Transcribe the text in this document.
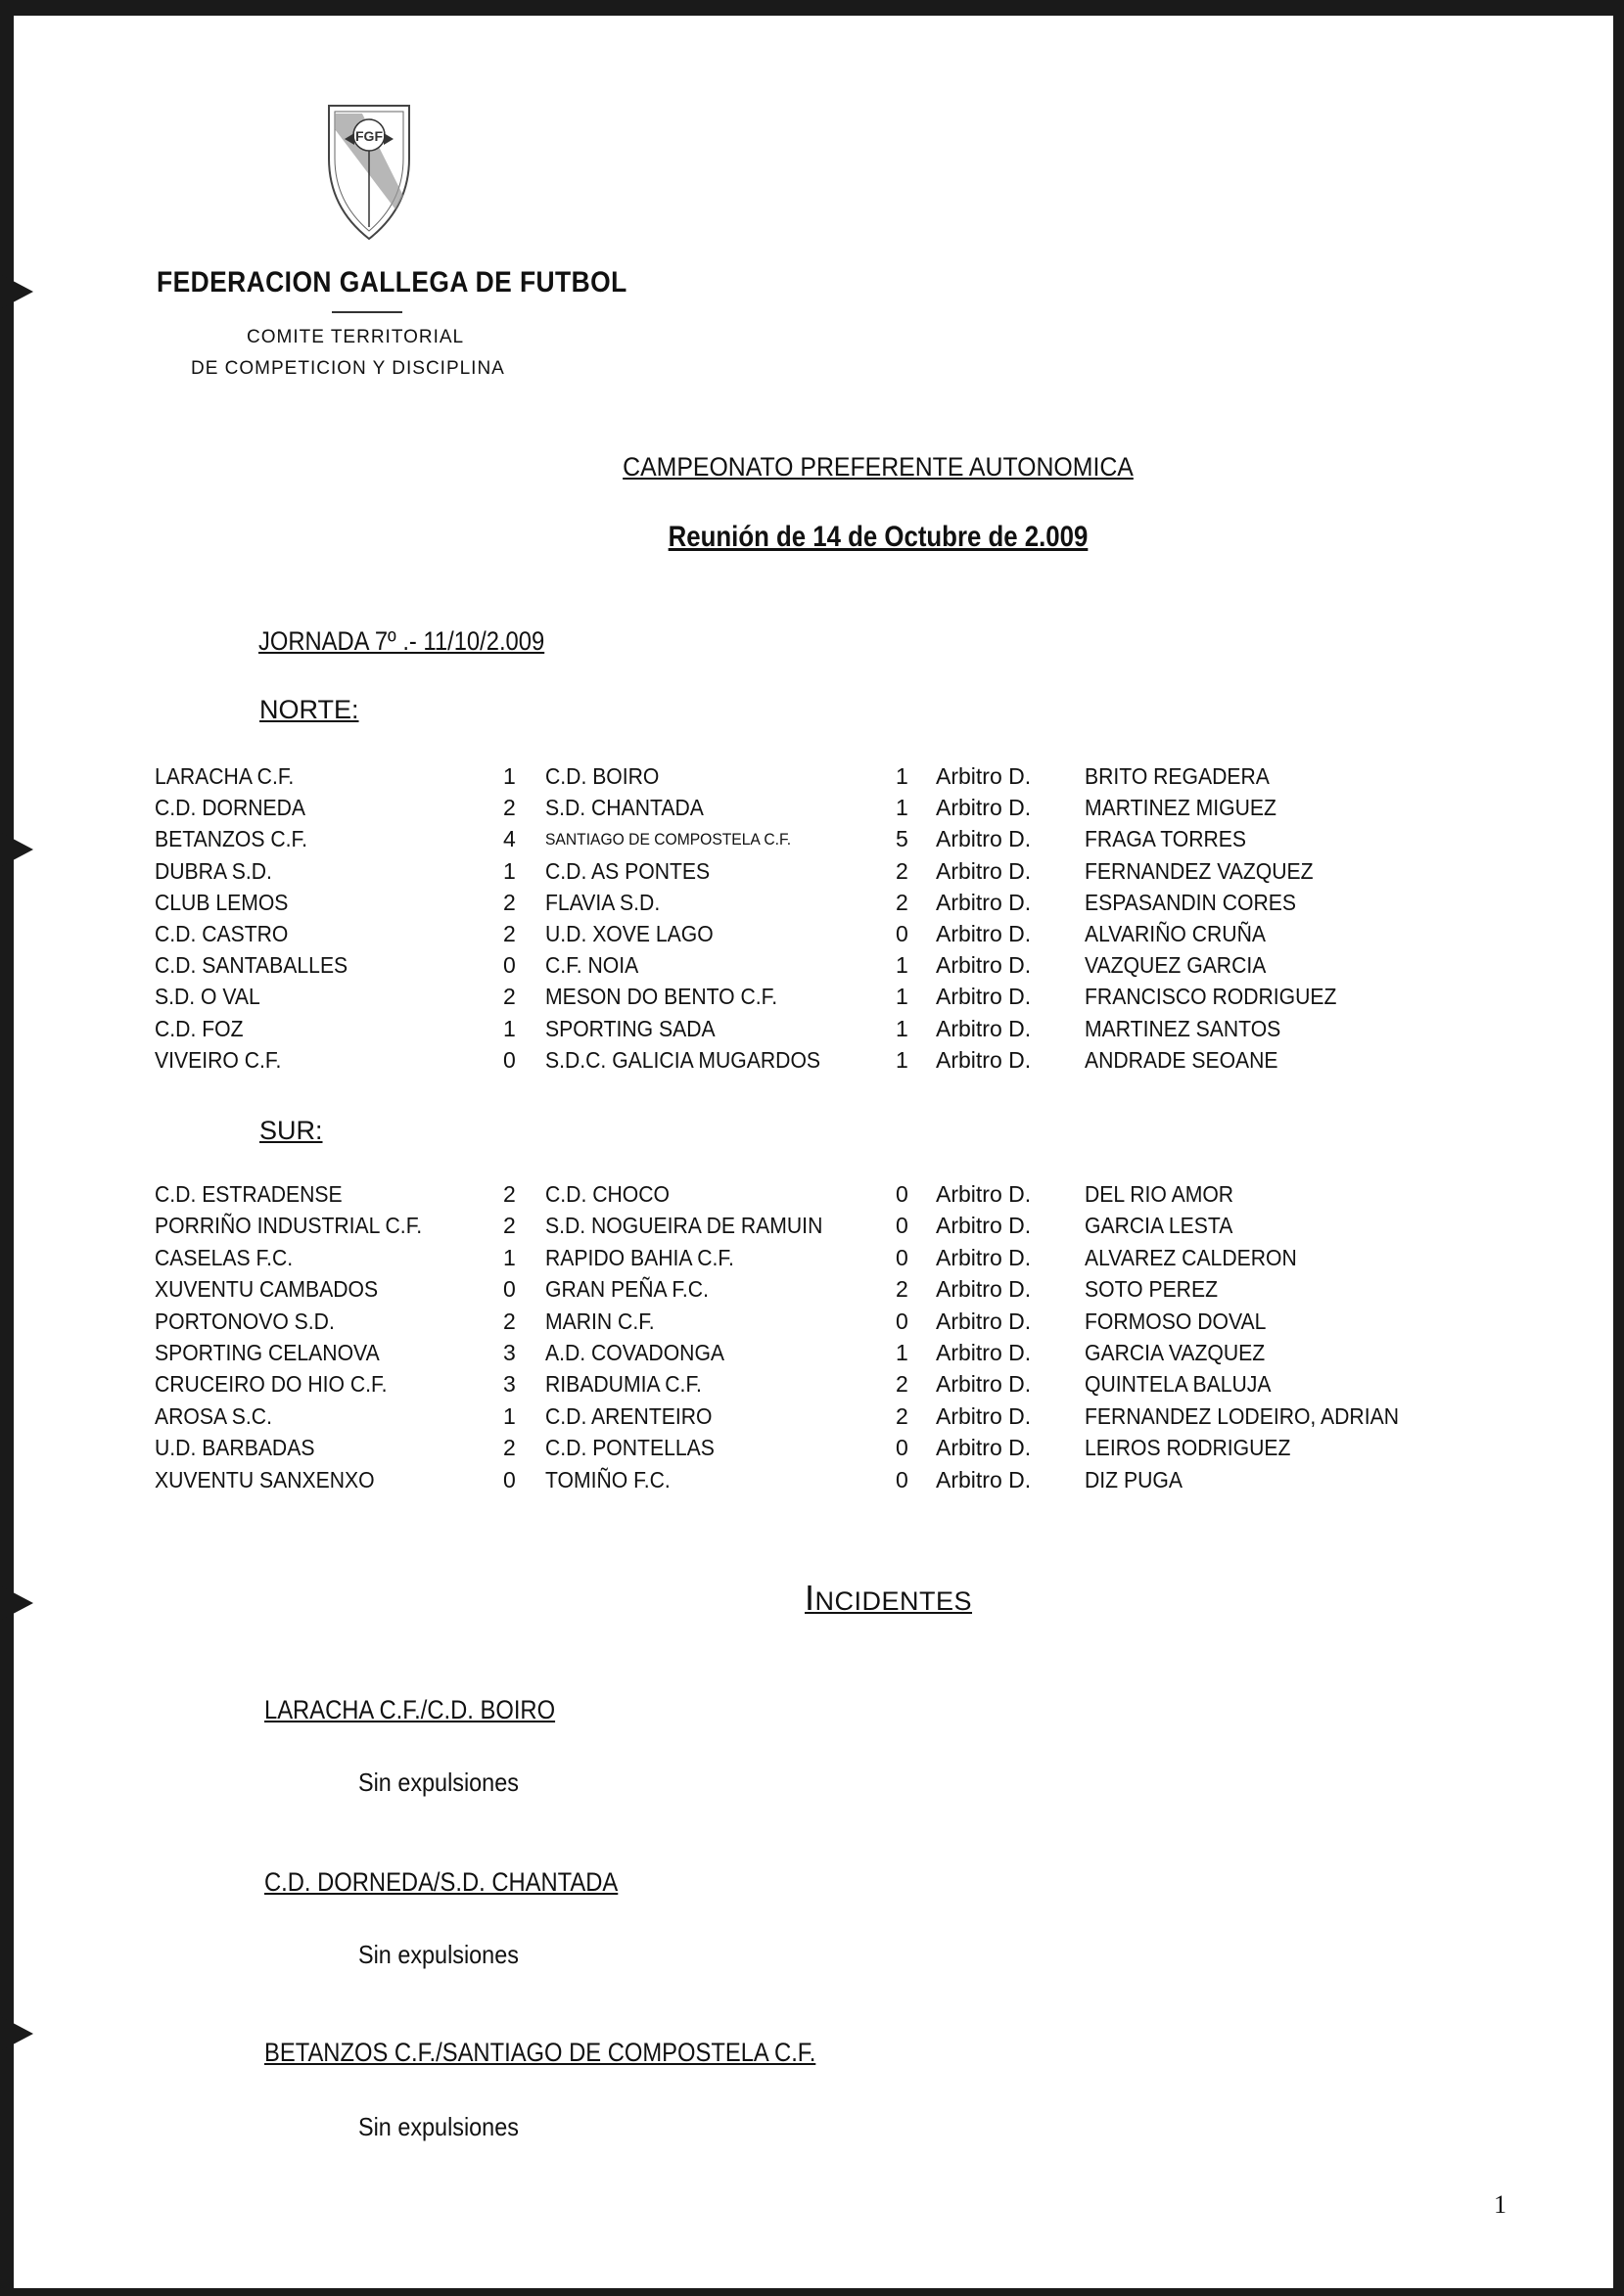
FGF
FEDERACION GALLEGA DE FUTBOL
COMITE TERRITORIAL
DE COMPETICION Y DISCIPLINA
CAMPEONATO PREFERENTE AUTONOMICA
Reunión de 14 de Octubre de 2.009
JORNADA 7º .- 11/10/2.009
NORTE:
SUR:
LARACHA C.F.	1 C.D. BOIRO	1 Arbitro D. BRITO REGADERA
C.D. DORNEDA	2 S.D. CHANTADA	1 Arbitro D. MARTINEZ MIGUEZ
BETANZOS C.F.	4 SANTIAGO DE COMPOSTELA C.F.	5 Arbitro D. FRAGA TORRES
DUBRA S.D.	1 C.D. AS PONTES	2 Arbitro D. FERNANDEZ VAZQUEZ
CLUB LEMOS	2 FLAVIA S.D.	2 Arbitro D. ESPASANDIN CORES
C.D. CASTRO	2 U.D. XOVE LAGO	0 Arbitro D. ALVARIÑO CRUÑA
C.D. SANTABALLES	0 C.F. NOIA	1 Arbitro D. VAZQUEZ GARCIA
S.D. O VAL	2 MESON DO BENTO C.F.	1 Arbitro D. FRANCISCO RODRIGUEZ
C.D. FOZ	1 SPORTING SADA	1 Arbitro D. MARTINEZ SANTOS
VIVEIRO C.F.	0 S.D.C. GALICIA MUGARDOS	1 Arbitro D. ANDRADE SEOANE
C.D. ESTRADENSE	2 C.D. CHOCO	0 Arbitro D. DEL RIO AMOR
PORRIÑO INDUSTRIAL C.F.	2 S.D. NOGUEIRA DE RAMUIN	0 Arbitro D. GARCIA LESTA
CASELAS F.C.	1 RAPIDO BAHIA C.F.	0 Arbitro D. ALVAREZ CALDERON
XUVENTU CAMBADOS	0 GRAN PEÑA F.C.	2 Arbitro D. SOTO PEREZ
PORTONOVO S.D.	2 MARIN C.F.	0 Arbitro D. FORMOSO DOVAL
SPORTING CELANOVA	3 A.D. COVADONGA	1 Arbitro D. GARCIA VAZQUEZ
CRUCEIRO DO HIO C.F.	3 RIBADUMIA C.F.	2 Arbitro D. QUINTELA BALUJA
AROSA S.C.	1 C.D. ARENTEIRO	2 Arbitro D. FERNANDEZ LODEIRO, ADRIAN
U.D. BARBADAS	2 C.D. PONTELLAS	0 Arbitro D. LEIROS RODRIGUEZ
XUVENTU SANXENXO	0 TOMIÑO F.C.	0 Arbitro D. DIZ PUGA
INCIDENTES
LARACHA C.F./C.D. BOIRO
Sin expulsiones
C.D. DORNEDA/S.D. CHANTADA
Sin expulsiones
BETANZOS C.F./SANTIAGO DE COMPOSTELA C.F.
Sin expulsiones
1
